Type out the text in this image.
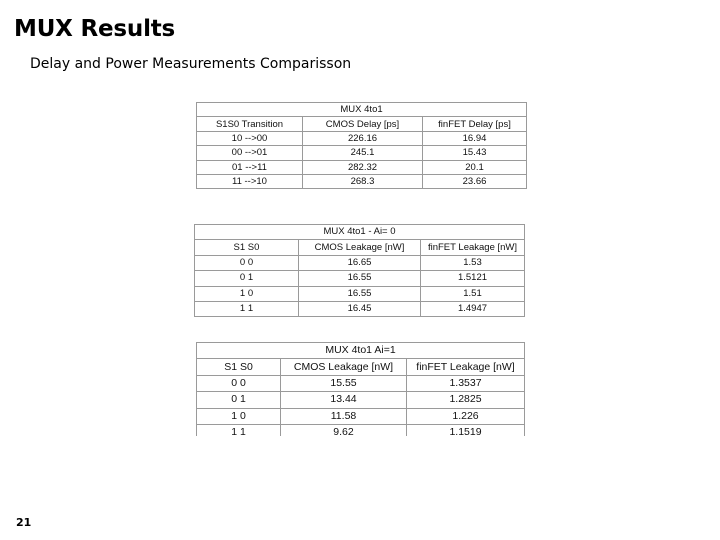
MUX Results
Delay and Power Measurements Comparisson
MUX 4to1		
S1S0 Transition	CMOS Delay [ps]	finFET Delay [ps]
10 -->00	226.16	16.94
00 -->01	245.1	15.43
01 -->11	282.32	20.1
11 -->10	268.3	23.66
MUX 4to1 - Ai= 0		
S1 S0	CMOS Leakage [nW]	finFET Leakage [nW]
0 0	16.65	1.53
0 1	16.55	1.5121
1 0	16.55	1.51
1 1	16.45	1.4947
MUX 4to1 Ai=1		
S1 S0	CMOS Leakage [nW]	finFET Leakage [nW]
0 0	15.55	1.3537
0 1	13.44	1.2825
1 0	11.58	1.226
1 1	9.62	1.1519
21
